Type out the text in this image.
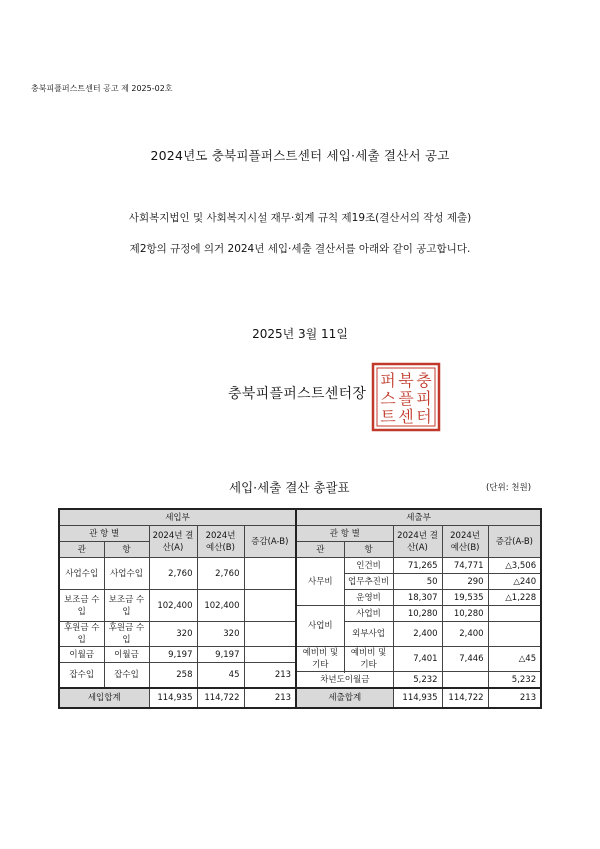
충북피플퍼스트센터 공고 제 2025-02호
2024년도 충북피플퍼스트센터 세입·세출 결산서 공고
사회복지법인 및 사회복지시설 재무·회계 규칙 제19조(결산서의 작성 제출)
제2항의 규정에 의거 2024년 세입·세출 결산서를 아래와 같이 공고합니다.
2025년 3월 11일
충북피플퍼스트센터장
충
피
터
북
플
센
퍼
스
트
세입·세출 결산 총괄표	(단위: 천원)
세입부					세출부				
관 항 별		2024년 결산(A)	2024년 예산(B)	증감(A-B)	관 항 별		2024년 결산(A)	2024년 예산(B)	증감(A-B)
관	항				관	항			
사업수입	사업수입	2,760	2,760		사무비	인건비	71,265	74,771	△3,506
						업무추진비	50	290	△240
보조금 수입	보조금 수입	102,400	102,400			운영비	18,307	19,535	△1,228
					사업비	사업비	10,280	10,280	
후원금 수입	후원금 수입	320	320			외부사업	2,400	2,400	

이월금	이월금	9,197	9,197		예비비 및 기타	예비비 및 기타	7,401	7,446	△45
잡수입	잡수입	258	45	213					

					차년도이월금		5,232		5,232
세입합계		114,935	114,722	213	세출합계		114,935	114,722	213
